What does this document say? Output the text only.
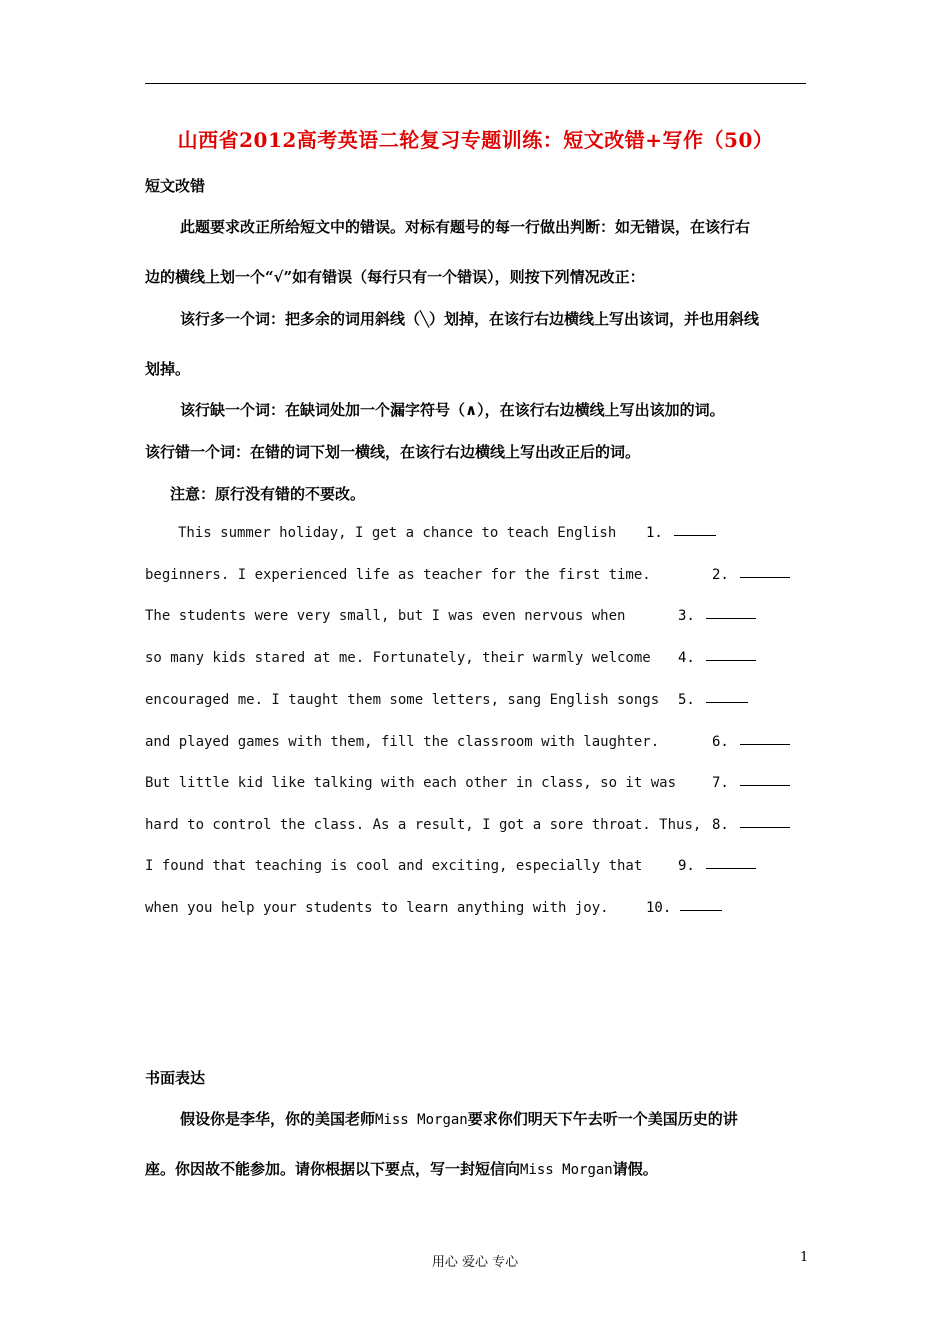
山西省2012高考英语二轮复习专题训练：短文改错+写作（50）
短文改错
此题要求改正所给短文中的错误。对标有题号的每一行做出判断：如无错误，在该行右
边的横线上划一个“√”如有错误（每行只有一个错误），则按下列情况改正：
该行多一个词：把多余的词用斜线（╲）划掉，在该行右边横线上写出该词，并也用斜线
划掉。
该行缺一个词：在缺词处加一个漏字符号（∧），在该行右边横线上写出该加的词。
该行错一个词：在错的词下划一横线，在该行右边横线上写出改正后的词。
注意：原行没有错的不要改。
This summer holiday, I get a chance to teach English 1.
beginners. I experienced life as teacher for the first time.	2.
The students were very small, but I was even nervous when	3.
so many kids stared at me. Fortunately, their warmly welcome 4.
encouraged me. I taught them some letters, sang English songs 5.
and played games with them, fill the classroom with laughter.	6.
But little kid like talking with each other in class, so it was	7.
hard to control the class. As a result, I got a sore throat. Thus, 8.
I found that teaching is cool and exciting, especially that	9.
when you help your students to learn anything with joy.	10.
书面表达
假设你是李华，你的美国老师Miss Morgan要求你们明天下午去听一个美国历史的讲
座。你因故不能参加。请你根据以下要点，写一封短信向Miss Morgan请假。
用心 爱心 专心	1
